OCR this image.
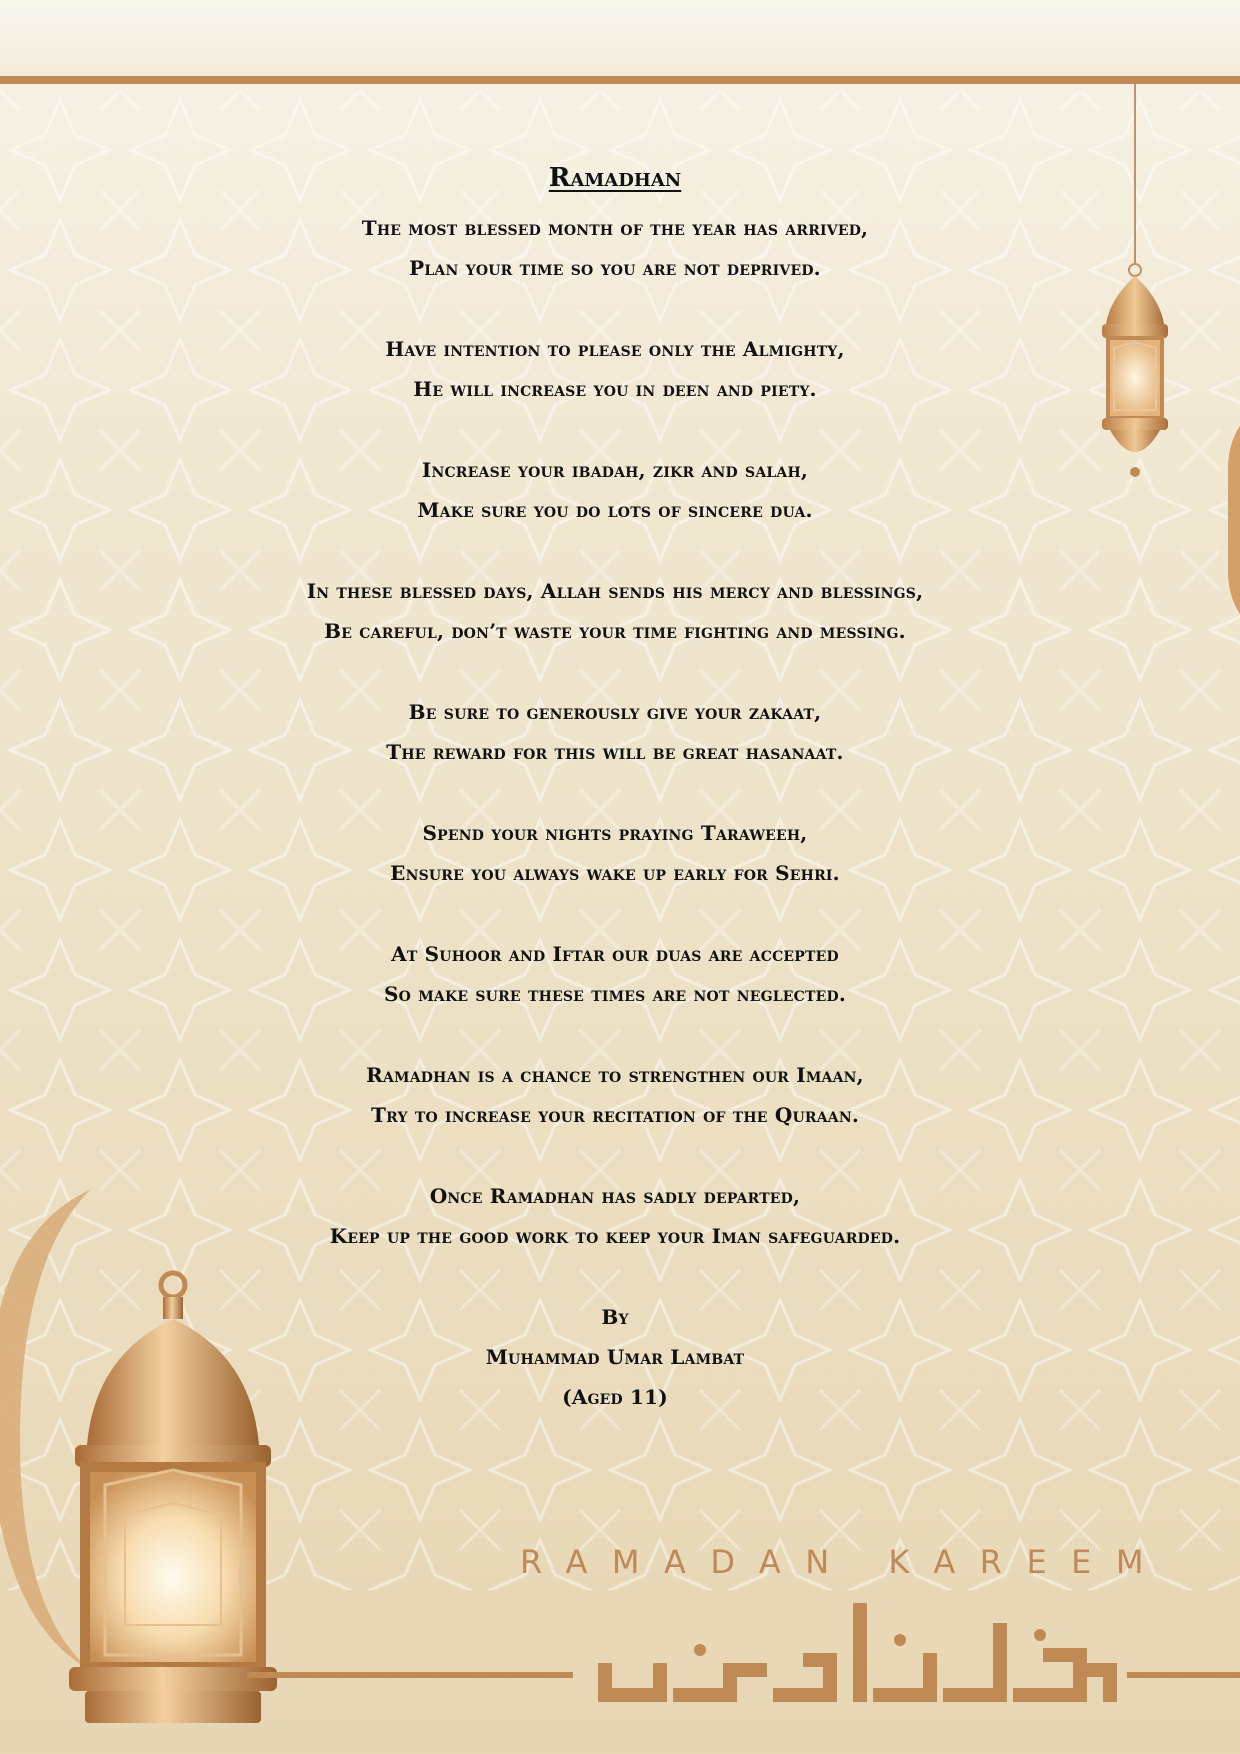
Ramadhan
The most blessed month of the year has arrived,
Plan your time so you are not deprived.
Have intention to please only the Almighty,
He will increase you in deen and piety.
Increase your ibadah, zikr and salah,
Make sure you do lots of sincere dua.
In these blessed days, Allah sends his mercy and blessings,
Be careful, don’t waste your time fighting and messing.
Be sure to generously give your zakaat,
The reward for this will be great hasanaat.
Spend your nights praying Taraweeh,
Ensure you always wake up early for Sehri.
At Suhoor and Iftar our duas are accepted
So make sure these times are not neglected.
Ramadhan is a chance to strengthen our Imaan,
Try to increase your recitation of the Quraan.
Once Ramadhan has sadly departed,
Keep up the good work to keep your Iman safeguarded.
By
Muhammad Umar Lambat
(Aged 11)
RAMADAN KAREEM
